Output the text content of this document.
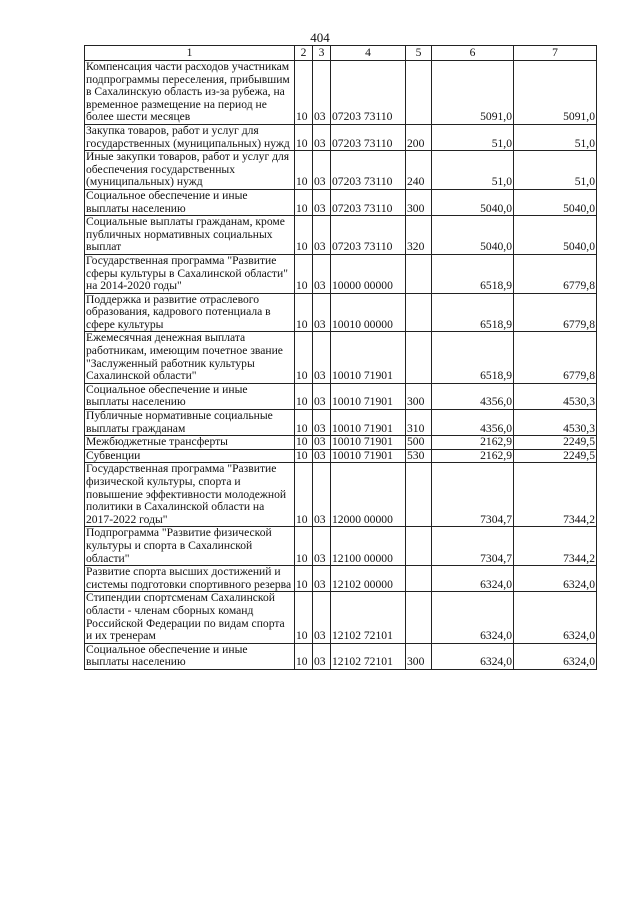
404
1	2	3	4	5	6	7
Компенсация части расходов участникам подпрограммы переселения, прибывшим в Сахалинскую область из-за рубежа, на временное размещение на период не более шести месяцев	10	03	07203 73110		5091,0	5091,0
Закупка товаров, работ и услуг для государственных (муниципальных) нужд	10	03	07203 73110	200	51,0	51,0
Иные закупки товаров, работ и услуг для обеспечения государственных (муниципальных) нужд	10	03	07203 73110	240	51,0	51,0
Социальное обеспечение и иные выплаты населению	10	03	07203 73110	300	5040,0	5040,0
Социальные выплаты гражданам, кроме публичных нормативных социальных выплат	10	03	07203 73110	320	5040,0	5040,0
Государственная программа "Развитие сферы культуры в Сахалинской области" на 2014-2020 годы"	10	03	10000 00000		6518,9	6779,8
Поддержка и развитие отраслевого образования, кадрового потенциала в сфере культуры	10	03	10010 00000		6518,9	6779,8
Ежемесячная денежная выплата работникам, имеющим почетное звание "Заслуженный работник культуры Сахалинской области"	10	03	10010 71901		6518,9	6779,8
Социальное обеспечение и иные выплаты населению	10	03	10010 71901	300	4356,0	4530,3
Публичные нормативные социальные выплаты гражданам	10	03	10010 71901	310	4356,0	4530,3
Межбюджетные трансферты	10	03	10010 71901	500	2162,9	2249,5
Субвенции	10	03	10010 71901	530	2162,9	2249,5
Государственная программа "Развитие физической культуры, спорта и повышение эффективности молодежной политики в Сахалинской области на 2017-2022 годы"	10	03	12000 00000		7304,7	7344,2
Подпрограмма "Развитие физической культуры и спорта в Сахалинской области"	10	03	12100 00000		7304,7	7344,2
Развитие спорта высших достижений и системы подготовки спортивного резерва	10	03	12102 00000		6324,0	6324,0
Стипендии спортсменам Сахалинской области - членам сборных команд Российской Федерации по видам спорта и их тренерам	10	03	12102 72101		6324,0	6324,0
Социальное обеспечение и иные выплаты населению	10	03	12102 72101	300	6324,0	6324,0
